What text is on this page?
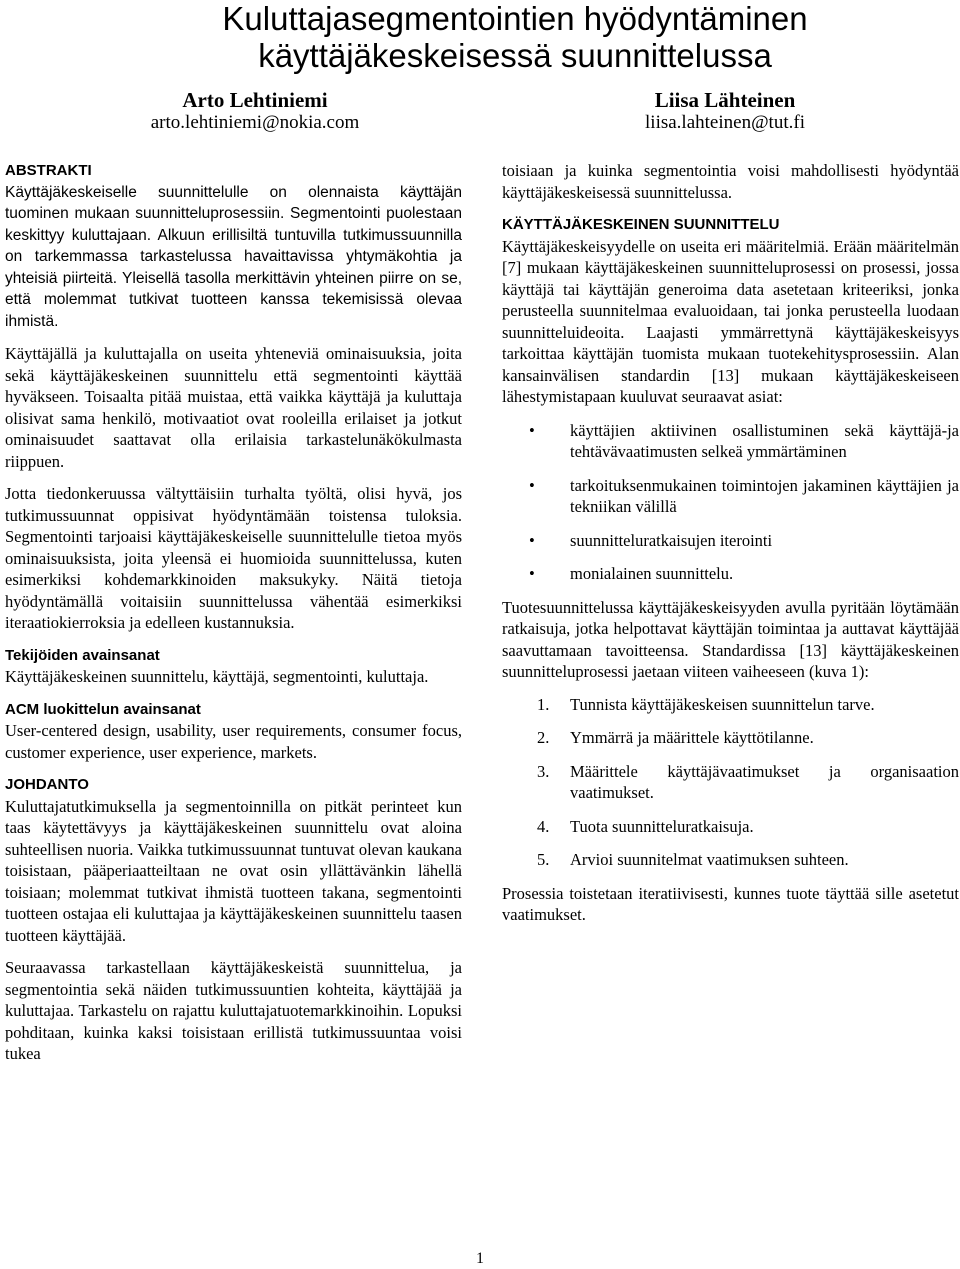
Kuluttajasegmentointien hyödyntäminen
käyttäjäkeskeisessä suunnittelussa
Arto Lehtiniemi
arto.lehtiniemi@nokia.com
Liisa Lähteinen
liisa.lahteinen@tut.fi
ABSTRAKTI

Käyttäjäkeskeiselle suunnittelulle on olennaista käyttäjän tuominen mukaan suunnitteluprosessiin. Segmentointi puolestaan keskittyy kuluttajaan. Alkuun erillisiltä tuntuvilla tutkimussuunnilla on tarkemmassa tarkastelussa havaittavissa yhtymäkohtia ja yhteisiä piirteitä. Yleisellä tasolla merkittävin yhteinen piirre on se, että molemmat tutkivat tuotteen kanssa tekemisissä olevaa ihmistä.

Käyttäjällä ja kuluttajalla on useita yhteneviä ominaisuuksia, joita sekä käyttäjäkeskeinen suunnittelu että segmentointi käyttää hyväkseen. Toisaalta pitää muistaa, että vaikka käyttäjä ja kuluttaja olisivat sama henkilö, motivaatiot ovat rooleilla erilaiset ja jotkut ominaisuudet saattavat olla erilaisia tarkastelunäkökulmasta riippuen.

Jotta tiedonkeruussa vältyttäisiin turhalta työltä, olisi hyvä, jos tutkimussuunnat oppisivat hyödyntämään toistensa tuloksia. Segmentointi tarjoaisi käyttäjäkeskeiselle suunnittelulle tietoa myös ominaisuuksista, joita yleensä ei huomioida suunnittelussa, kuten esimerkiksi kohdemarkkinoiden maksukyky. Näitä tietoja hyödyntämällä voitaisiin suunnittelussa vähentää esimerkiksi iteraatiokierroksia ja edelleen kustannuksia.

Tekijöiden avainsanat

Käyttäjäkeskeinen suunnittelu, käyttäjä, segmentointi, kuluttaja.

ACM luokittelun avainsanat

User-centered design, usability, user requirements, consumer focus, customer experience, user experience, markets.

JOHDANTO

Kuluttajatutkimuksella ja segmentoinnilla on pitkät perinteet kun taas käytettävyys ja käyttäjäkeskeinen suunnittelu ovat aloina suhteellisen nuoria. Vaikka tutkimussuunnat tuntuvat olevan kaukana toisistaan, pääperiaatteiltaan ne ovat osin yllättävänkin lähellä toisiaan; molemmat tutkivat ihmistä tuotteen takana, segmentointi tuotteen ostajaa eli kuluttajaa ja käyttäjäkeskeinen suunnittelu taasen tuotteen käyttäjää.

Seuraavassa tarkastellaan käyttäjäkeskeistä suunnittelua, ja segmentointia sekä näiden tutkimussuuntien kohteita, käyttäjää ja kuluttajaa. Tarkastelu on rajattu kuluttajatuotemarkkinoihin. Lopuksi pohditaan, kuinka kaksi toisistaan erillistä tutkimussuuntaa voisi tukea

toisiaan ja kuinka segmentointia voisi mahdollisesti hyödyntää käyttäjäkeskeisessä suunnittelussa.

KÄYTTÄJÄKESKEINEN SUUNNITTELU

Käyttäjäkeskeisyydelle on useita eri määritelmiä. Erään määritelmän [7] mukaan käyttäjäkeskeinen suunnitteluprosessi on prosessi, jossa käyttäjä tai käyttäjän generoima data asetetaan kriteeriksi, jonka perusteella suunnitelmaa evaluoidaan, tai jonka perusteella luodaan suunnitteluideoita. Laajasti ymmärrettynä käyttäjäkeskeisyys tarkoittaa käyttäjän tuomista mukaan tuotekehitysprosessiin. Alan kansainvälisen standardin [13] mukaan käyttäjäkeskeiseen lähestymistapaan kuuluvat seuraavat asiat:

• käyttäjien aktiivinen osallistuminen sekä käyttäjä-ja tehtävävaatimusten selkeä ymmärtäminen
• tarkoituksenmukainen toimintojen jakaminen käyttäjien ja tekniikan välillä
• suunnitteluratkaisujen iterointi
• monialainen suunnittelu.

Tuotesuunnittelussa käyttäjäkeskeisyyden avulla pyritään löytämään ratkaisuja, jotka helpottavat käyttäjän toimintaa ja auttavat käyttäjää saavuttamaan tavoitteensa. Standardissa [13] käyttäjäkeskeinen suunnitteluprosessi jaetaan viiteen vaiheeseen (kuva 1):

1. Tunnista käyttäjäkeskeisen suunnittelun tarve.
2. Ymmärrä ja määrittele käyttötilanne.
3. Määrittele käyttäjävaatimukset ja organisaation vaatimukset.
4. Tuota suunnitteluratkaisuja.
5. Arvioi suunnitelmat vaatimuksen suhteen.

Prosessia toistetaan iteratiivisesti, kunnes tuote täyttää sille asetetut vaatimukset.

1
